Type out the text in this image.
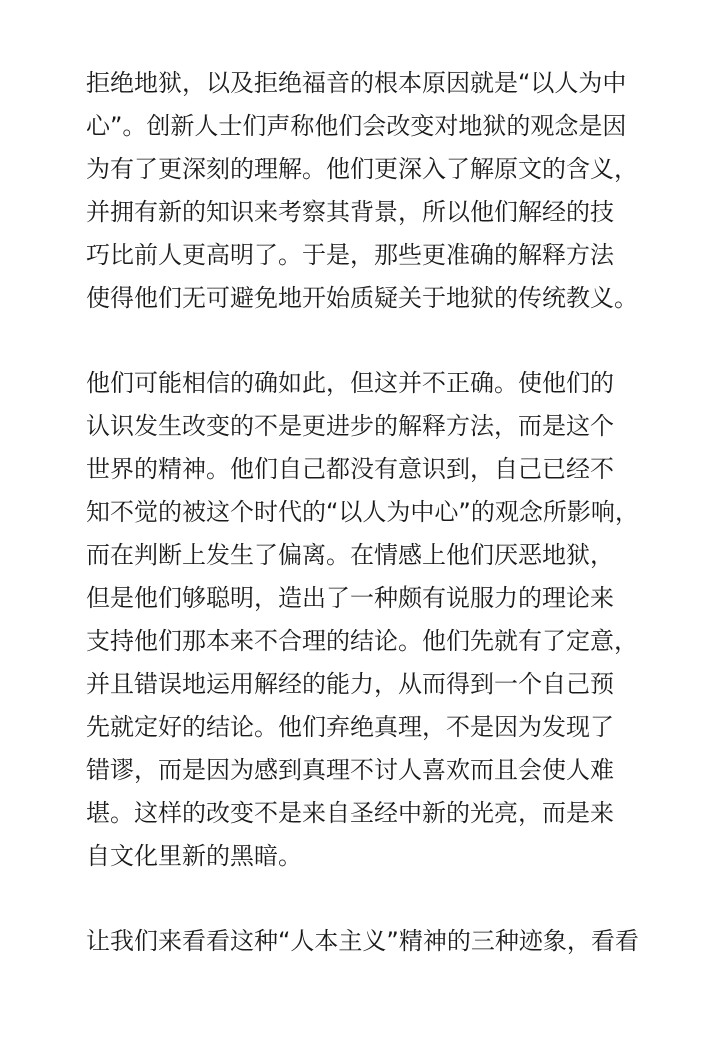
拒绝地狱，以及拒绝福音的根本原因就是“以人为中
心”。创新人士们声称他们会改变对地狱的观念是因
为有了更深刻的理解。他们更深入了解原文的含义，
并拥有新的知识来考察其背景，所以他们解经的技
巧比前人更高明了。于是，那些更准确的解释方法
使得他们无可避免地开始质疑关于地狱的传统教义。
他们可能相信的确如此，但这并不正确。使他们的
认识发生改变的不是更进步的解释方法，而是这个
世界的精神。他们自己都没有意识到，自己已经不
知不觉的被这个时代的“以人为中心”的观念所影响，
而在判断上发生了偏离。在情感上他们厌恶地狱，
但是他们够聪明，造出了一种颇有说服力的理论来
支持他们那本来不合理的结论。他们先就有了定意，
并且错误地运用解经的能力，从而得到一个自己预
先就定好的结论。他们弃绝真理，不是因为发现了
错谬，而是因为感到真理不讨人喜欢而且会使人难
堪。这样的改变不是来自圣经中新的光亮，而是来
自文化里新的黑暗。
让我们来看看这种“人本主义”精神的三种迹象，看看
